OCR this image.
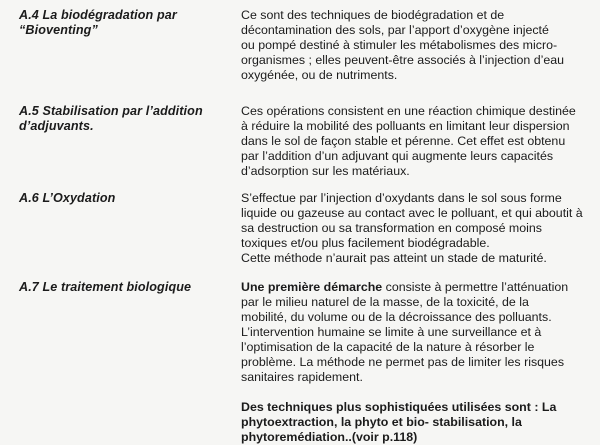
A.4 La biodégradation par
“Bioventing”
Ce sont des techniques de biodégradation et de
décontamination des sols, par l’apport d’oxygène injecté
ou pompé destiné à stimuler les métabolismes des micro-
organismes ; elles peuvent-être associés à l’injection d’eau
oxygénée, ou de nutriments.
A.5 Stabilisation par l’addition
d’adjuvants.
Ces opérations consistent en une réaction chimique destinée
à réduire la mobilité des polluants en limitant leur dispersion
dans le sol de façon stable et pérenne. Cet effet est obtenu
par l’addition d’un adjuvant qui augmente leurs capacités
d’adsorption sur les matériaux.
A.6 L’Oxydation	S’effectue par l’injection d’oxydants dans le sol sous forme
liquide ou gazeuse au contact avec le polluant, et qui aboutit à
sa destruction ou sa transformation en composé moins
toxiques et/ou plus facilement biodégradable.
Cette méthode n’aurait pas atteint un stade de maturité.
A.7 Le traitement biologique	Une première démarche consiste à permettre l’atténuation
par le milieu naturel de la masse, de la toxicité, de la
mobilité, du volume ou de la décroissance des polluants.
L’intervention humaine se limite à une surveillance et à
l’optimisation de la capacité de la nature à résorber le
problème. La méthode ne permet pas de limiter les risques
sanitaires rapidement.
Des techniques plus sophistiquées utilisées sont : La
phytoextraction, la phyto et bio- stabilisation, la
phytoremédiation..(voir p.118)
